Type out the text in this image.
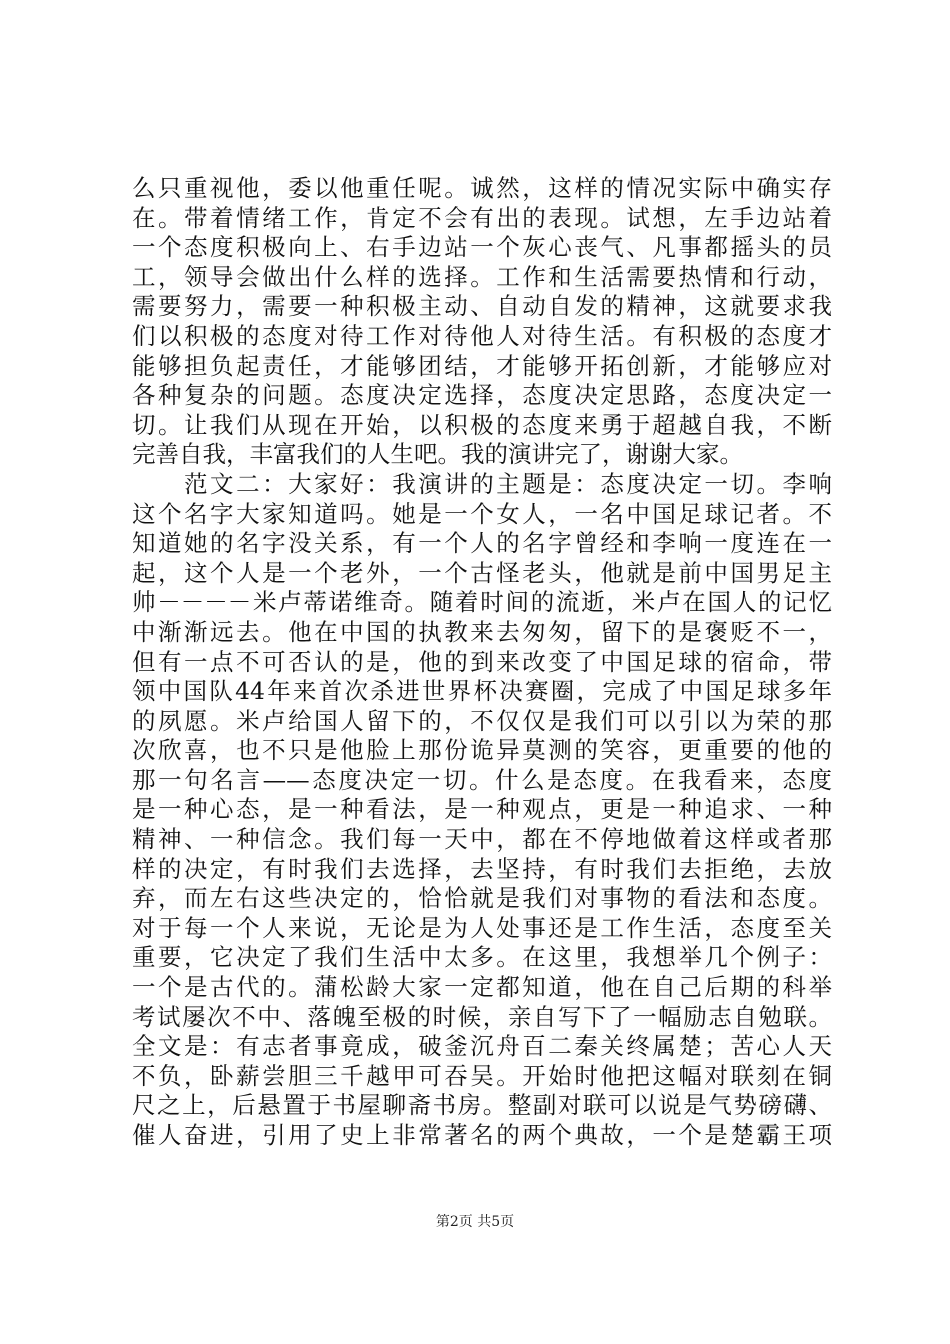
么只重视他，委以他重任呢。诚然，这样的情况实际中确实存
在。带着情绪工作，肯定不会有出的表现。试想，左手边站着
一个态度积极向上、右手边站一个灰心丧气、凡事都摇头的员
工，领导会做出什么样的选择。工作和生活需要热情和行动，
需要努力，需要一种积极主动、自动自发的精神，这就要求我
们以积极的态度对待工作对待他人对待生活。有积极的态度才
能够担负起责任，才能够团结，才能够开拓创新，才能够应对
各种复杂的问题。态度决定选择，态度决定思路，态度决定一
切。让我们从现在开始，以积极的态度来勇于超越自我，不断
完善自我，丰富我们的人生吧。我的演讲完了，谢谢大家。
　　范文二：大家好：我演讲的主题是：态度决定一切。李响
这个名字大家知道吗。她是一个女人，一名中国足球记者。不
知道她的名字没关系，有一个人的名字曾经和李响一度连在一
起，这个人是一个老外，一个古怪老头，他就是前中国男足主
帅－－－－米卢蒂诺维奇。随着时间的流逝，米卢在国人的记忆
中渐渐远去。他在中国的执教来去匆匆，留下的是褒贬不一，
但有一点不可否认的是，他的到来改变了中国足球的宿命，带
领中国队44年来首次杀进世界杯决赛圈，完成了中国足球多年
的夙愿。米卢给国人留下的，不仅仅是我们可以引以为荣的那
次欣喜，也不只是他脸上那份诡异莫测的笑容，更重要的他的
那一句名言——态度决定一切。什么是态度。在我看来，态度
是一种心态，是一种看法，是一种观点，更是一种追求、一种
精神、一种信念。我们每一天中，都在不停地做着这样或者那
样的决定，有时我们去选择，去坚持，有时我们去拒绝，去放
弃，而左右这些决定的，恰恰就是我们对事物的看法和态度。
对于每一个人来说，无论是为人处事还是工作生活，态度至关
重要，它决定了我们生活中太多。在这里，我想举几个例子：
一个是古代的。蒲松龄大家一定都知道，他在自己后期的科举
考试屡次不中、落魄至极的时候，亲自写下了一幅励志自勉联。
全文是：有志者事竟成，破釜沉舟百二秦关终属楚；苦心人天
不负，卧薪尝胆三千越甲可吞吴。开始时他把这幅对联刻在铜
尺之上，后悬置于书屋聊斋书房。整副对联可以说是气势磅礴、
催人奋进，引用了史上非常著名的两个典故，一个是楚霸王项
第2页 共5页
